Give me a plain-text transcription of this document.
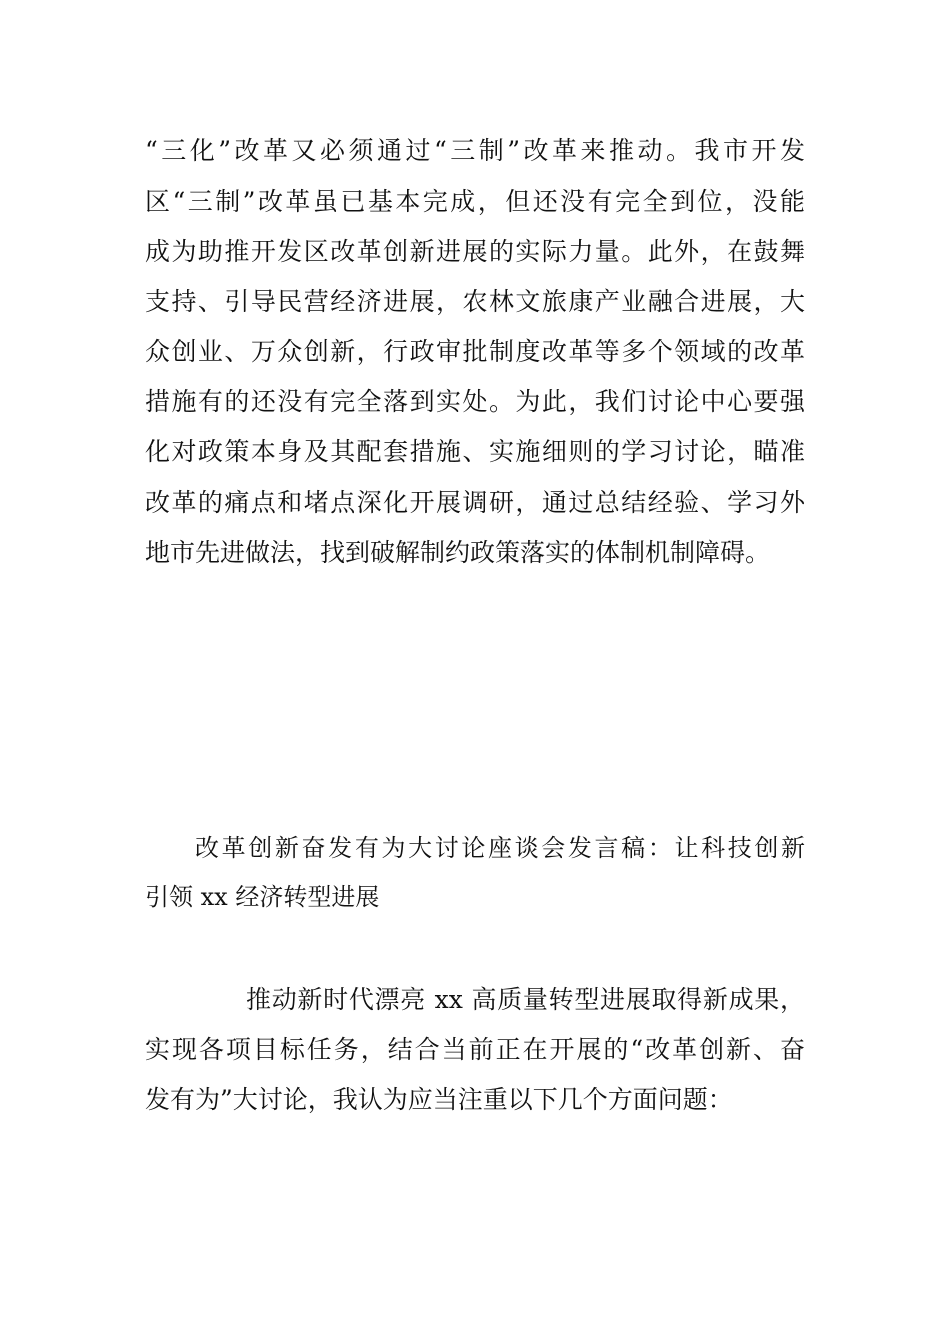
“三化”改革又必须通过“三制”改革来推动。我市开发
区“三制”改革虽已基本完成，但还没有完全到位，没能
成为助推开发区改革创新进展的实际力量。此外，在鼓舞
支持、引导民营经济进展，农林文旅康产业融合进展，大
众创业、万众创新，行政审批制度改革等多个领域的改革
措施有的还没有完全落到实处。为此，我们讨论中心要强
化对政策本身及其配套措施、实施细则的学习讨论，瞄准
改革的痛点和堵点深化开展调研，通过总结经验、学习外
地市先进做法，找到破解制约政策落实的体制机制障碍。
改革创新奋发有为大讨论座谈会发言稿：让科技创新
引领 xx 经济转型进展
推动新时代漂亮 xx 高质量转型进展取得新成果，
实现各项目标任务，结合当前正在开展的“改革创新、奋
发有为”大讨论，我认为应当注重以下几个方面问题：
